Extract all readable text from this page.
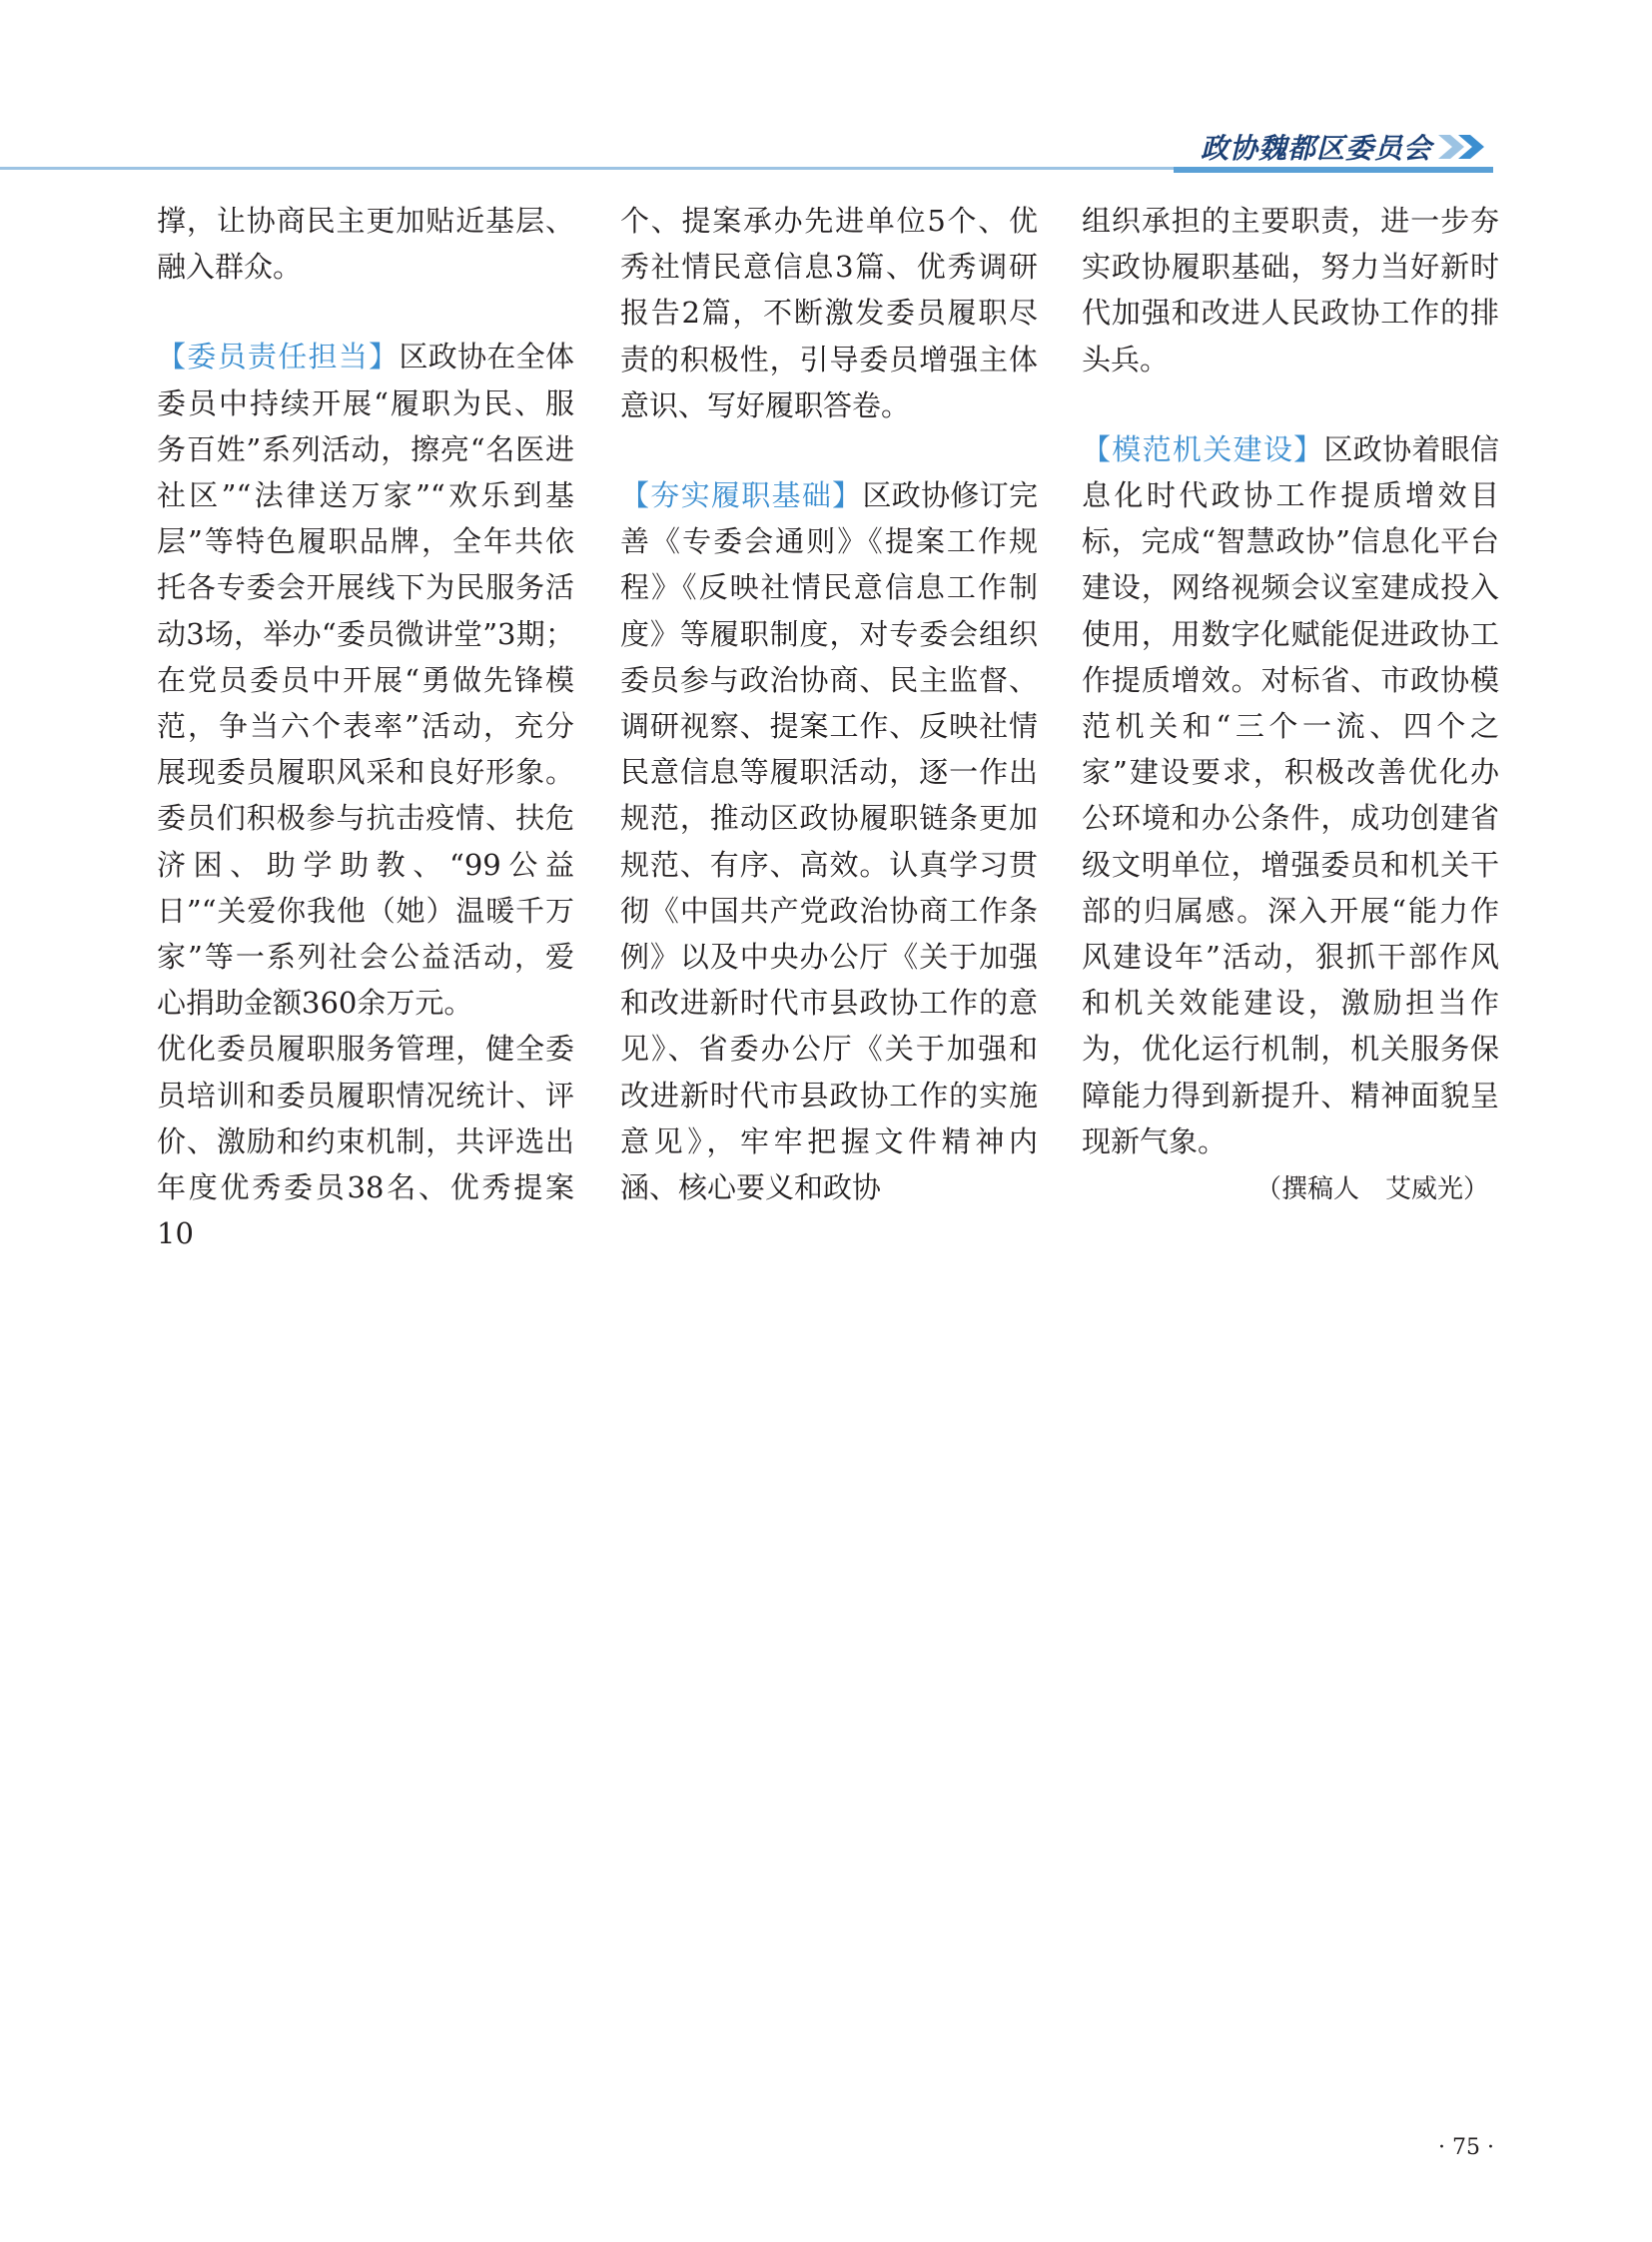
政协魏都区委员会

撑，让协商民主更加贴近基层、融入群众。

【委员责任担当】区政协在全体委员中持续开展“履职为民、服务百姓”系列活动，擦亮“名医进社区”“法律送万家”“欢乐到基层”等特色履职品牌，全年共依托各专委会开展线下为民服务活动3场，举办“委员微讲堂”3期；在党员委员中开展“勇做先锋模范，争当六个表率”活动，充分展现委员履职风采和良好形象。委员们积极参与抗击疫情、扶危济困、助学助教、“99公益日”“关爱你我他（她）温暖千万家”等一系列社会公益活动，爱心捐助金额360余万元。

优化委员履职服务管理，健全委员培训和委员履职情况统计、评价、激励和约束机制，共评选出年度优秀委员38名、优秀提案10

个、提案承办先进单位5个、优秀社情民意信息3篇、优秀调研报告2篇，不断激发委员履职尽责的积极性，引导委员增强主体意识、写好履职答卷。

【夯实履职基础】区政协修订完善《专委会通则》《提案工作规程》《反映社情民意信息工作制度》等履职制度，对专委会组织委员参与政治协商、民主监督、调研视察、提案工作、反映社情民意信息等履职活动，逐一作出规范，推动区政协履职链条更加规范、有序、高效。认真学习贯彻《中国共产党政治协商工作条例》以及中央办公厅《关于加强和改进新时代市县政协工作的意见》、省委办公厅《关于加强和改进新时代市县政协工作的实施意见》，牢牢把握文件精神内涵、核心要义和政协

组织承担的主要职责，进一步夯实政协履职基础，努力当好新时代加强和改进人民政协工作的排头兵。

【模范机关建设】区政协着眼信息化时代政协工作提质增效目标，完成“智慧政协”信息化平台建设，网络视频会议室建成投入使用，用数字化赋能促进政协工作提质增效。对标省、市政协模范机关和“三个一流、四个之家”建设要求，积极改善优化办公环境和办公条件，成功创建省级文明单位，增强委员和机关干部的归属感。深入开展“能力作风建设年”活动，狠抓干部作风和机关效能建设，激励担当作为，优化运行机制，机关服务保障能力得到新提升、精神面貌呈现新气象。

（撰稿人　艾威光）
· 75 ·
